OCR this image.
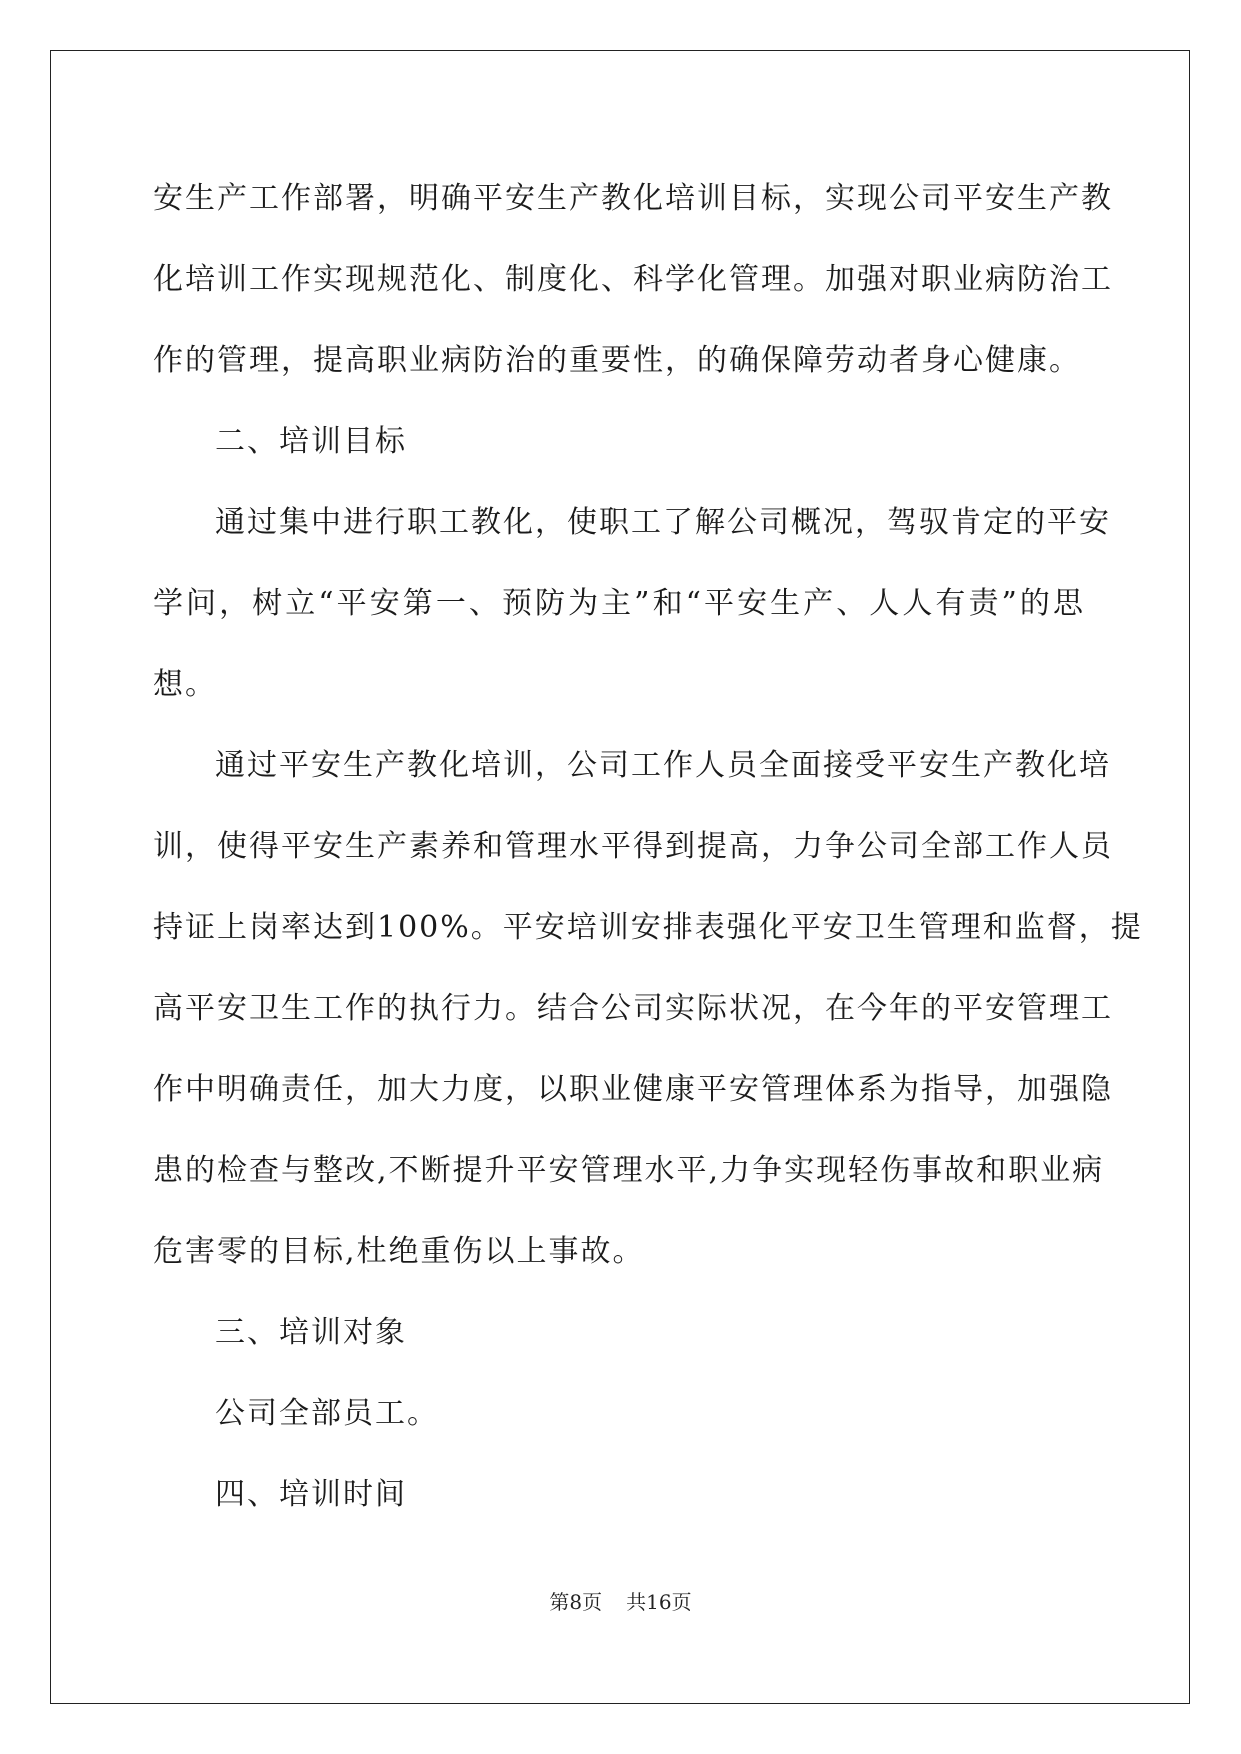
安生产工作部署，明确平安生产教化培训目标，实现公司平安生产教
化培训工作实现规范化、制度化、科学化管理。加强对职业病防治工
作的管理，提高职业病防治的重要性，的确保障劳动者身心健康。
二、培训目标
通过集中进行职工教化，使职工了解公司概况，驾驭肯定的平安
学问，树立“平安第一、预防为主”和“平安生产、人人有责”的思
想。
通过平安生产教化培训，公司工作人员全面接受平安生产教化培
训，使得平安生产素养和管理水平得到提高，力争公司全部工作人员
持证上岗率达到100%。平安培训安排表强化平安卫生管理和监督，提
高平安卫生工作的执行力。结合公司实际状况，在今年的平安管理工
作中明确责任，加大力度，以职业健康平安管理体系为指导，加强隐
患的检查与整改,不断提升平安管理水平,力争实现轻伤事故和职业病
危害零的目标,杜绝重伤以上事故。
三、培训对象
公司全部员工。
四、培训时间
第8页 共16页
